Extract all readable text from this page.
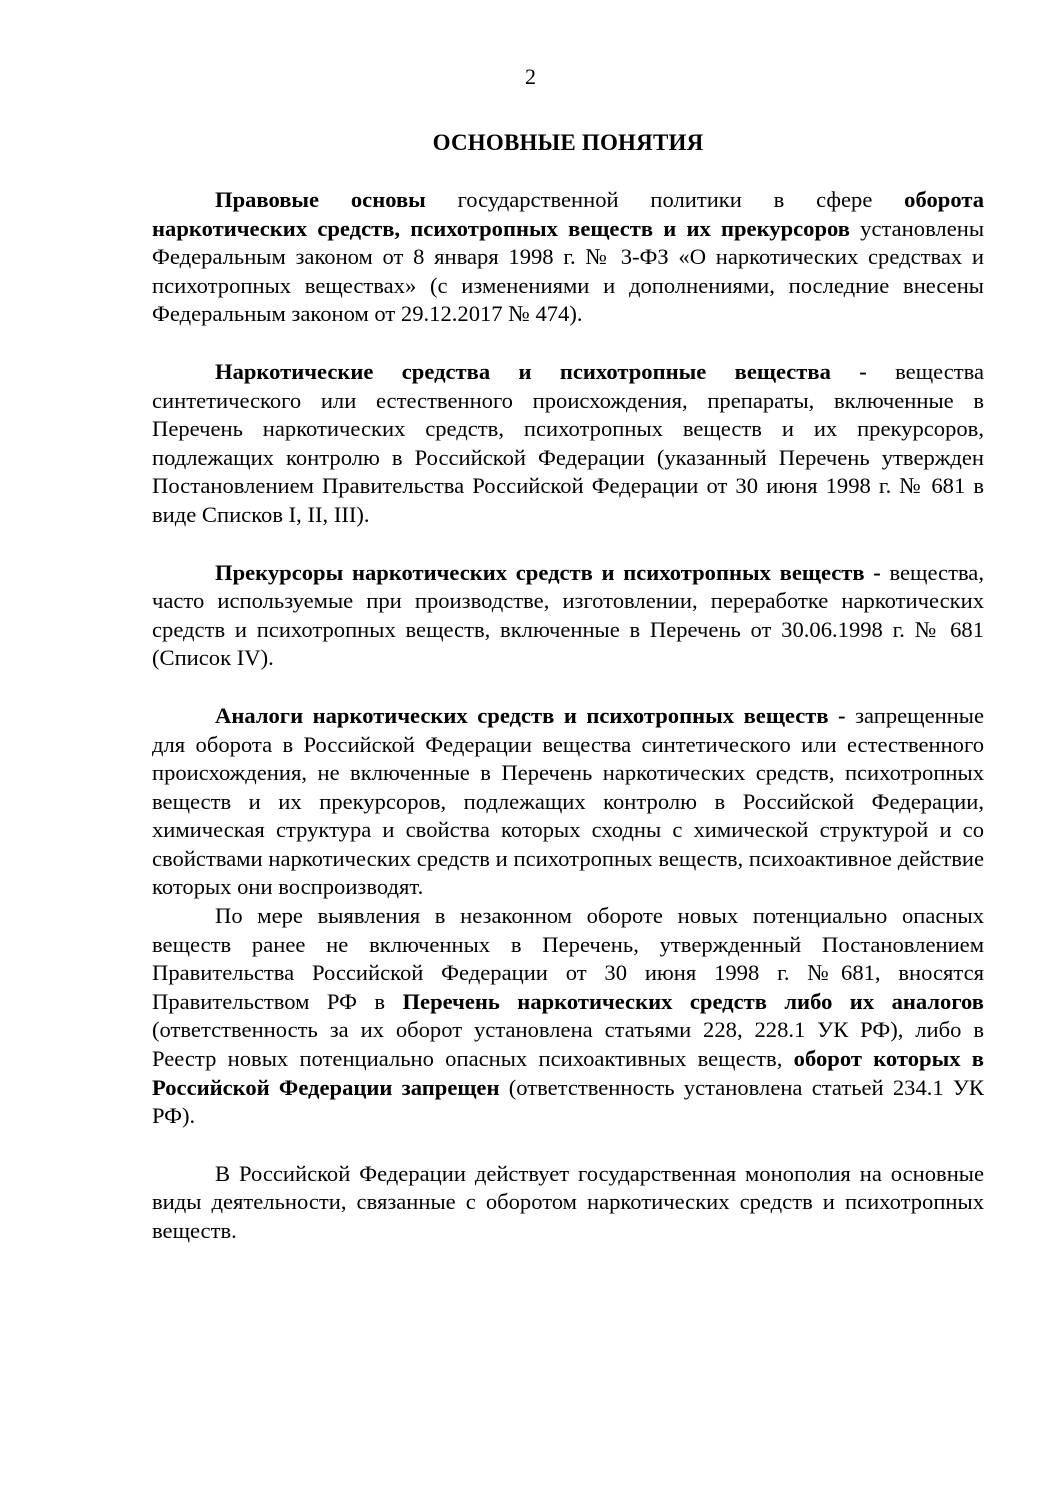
2
ОСНОВНЫЕ ПОНЯТИЯ

Правовые основы государственной политики в сфере оборота наркотических средств, психотропных веществ и их прекурсоров установлены Федеральным законом от 8 января 1998 г. № 3-ФЗ «О наркотических средствах и психотропных веществах» (с изменениями и дополнениями, последние внесены Федеральным законом от 29.12.2017 № 474).

Наркотические средства и психотропные вещества - вещества синтетического или естественного происхождения, препараты, включенные в Перечень наркотических средств, психотропных веществ и их прекурсоров, подлежащих контролю в Российской Федерации (указанный Перечень утвержден Постановлением Правительства Российской Федерации от 30 июня 1998 г. № 681 в виде Списков I, II, III).

Прекурсоры наркотических средств и психотропных веществ - вещества, часто используемые при производстве, изготовлении, переработке наркотических средств и психотропных веществ, включенные в Перечень от 30.06.1998 г. № 681 (Список IV).

Аналоги наркотических средств и психотропных веществ - запрещенные для оборота в Российской Федерации вещества синтетического или естественного происхождения, не включенные в Перечень наркотических средств, психотропных веществ и их прекурсоров, подлежащих контролю в Российской Федерации, химическая структура и свойства которых сходны с химической структурой и со свойствами наркотических средств и психотропных веществ, психоактивное действие которых они воспроизводят.

По мере выявления в незаконном обороте новых потенциально опасных веществ ранее не включенных в Перечень, утвержденный Постановлением Правительства Российской Федерации от 30 июня 1998 г. №681, вносятся Правительством РФ в Перечень наркотических средств либо их аналогов (ответственность за их оборот установлена статьями 228, 228.1 УК РФ), либо в Реестр новых потенциально опасных психоактивных веществ, оборот которых в Российской Федерации запрещен (ответственность установлена статьей 234.1 УК РФ).

В Российской Федерации действует государственная монополия на основные виды деятельности, связанные с оборотом наркотических средств и психотропных веществ.
